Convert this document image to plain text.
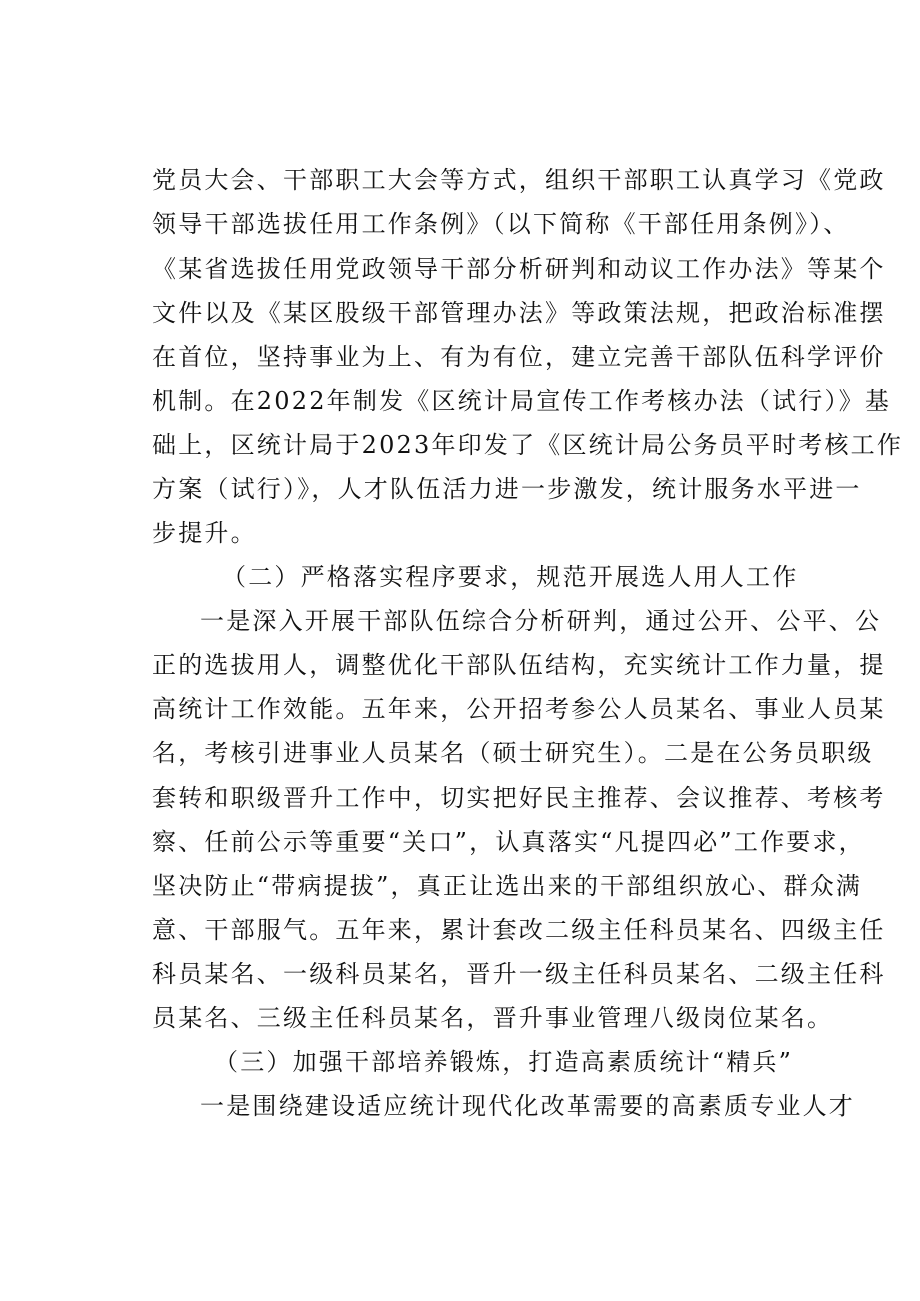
党员大会、干部职工大会等方式，组织干部职工认真学习《党政
领导干部选拔任用工作条例》（以下简称《干部任用条例》）、
《某省选拔任用党政领导干部分析研判和动议工作办法》等某个
文件以及《某区股级干部管理办法》等政策法规，把政治标准摆
在首位，坚持事业为上、有为有位，建立完善干部队伍科学评价
机制。在2022年制发《区统计局宣传工作考核办法（试行）》基
础上，区统计局于2023年印发了《区统计局公务员平时考核工作
方案（试行）》，人才队伍活力进一步激发，统计服务水平进一
步提升。
（二）严格落实程序要求，规范开展选人用人工作
一是深入开展干部队伍综合分析研判，通过公开、公平、公
正的选拔用人，调整优化干部队伍结构，充实统计工作力量，提
高统计工作效能。五年来，公开招考参公人员某名、事业人员某
名，考核引进事业人员某名（硕士研究生）。二是在公务员职级
套转和职级晋升工作中，切实把好民主推荐、会议推荐、考核考
察、任前公示等重要“关口”，认真落实“凡提四必”工作要求，
坚决防止“带病提拔”，真正让选出来的干部组织放心、群众满
意、干部服气。五年来，累计套改二级主任科员某名、四级主任
科员某名、一级科员某名，晋升一级主任科员某名、二级主任科
员某名、三级主任科员某名，晋升事业管理八级岗位某名。
（三）加强干部培养锻炼，打造高素质统计“精兵”
一是围绕建设适应统计现代化改革需要的高素质专业人才
